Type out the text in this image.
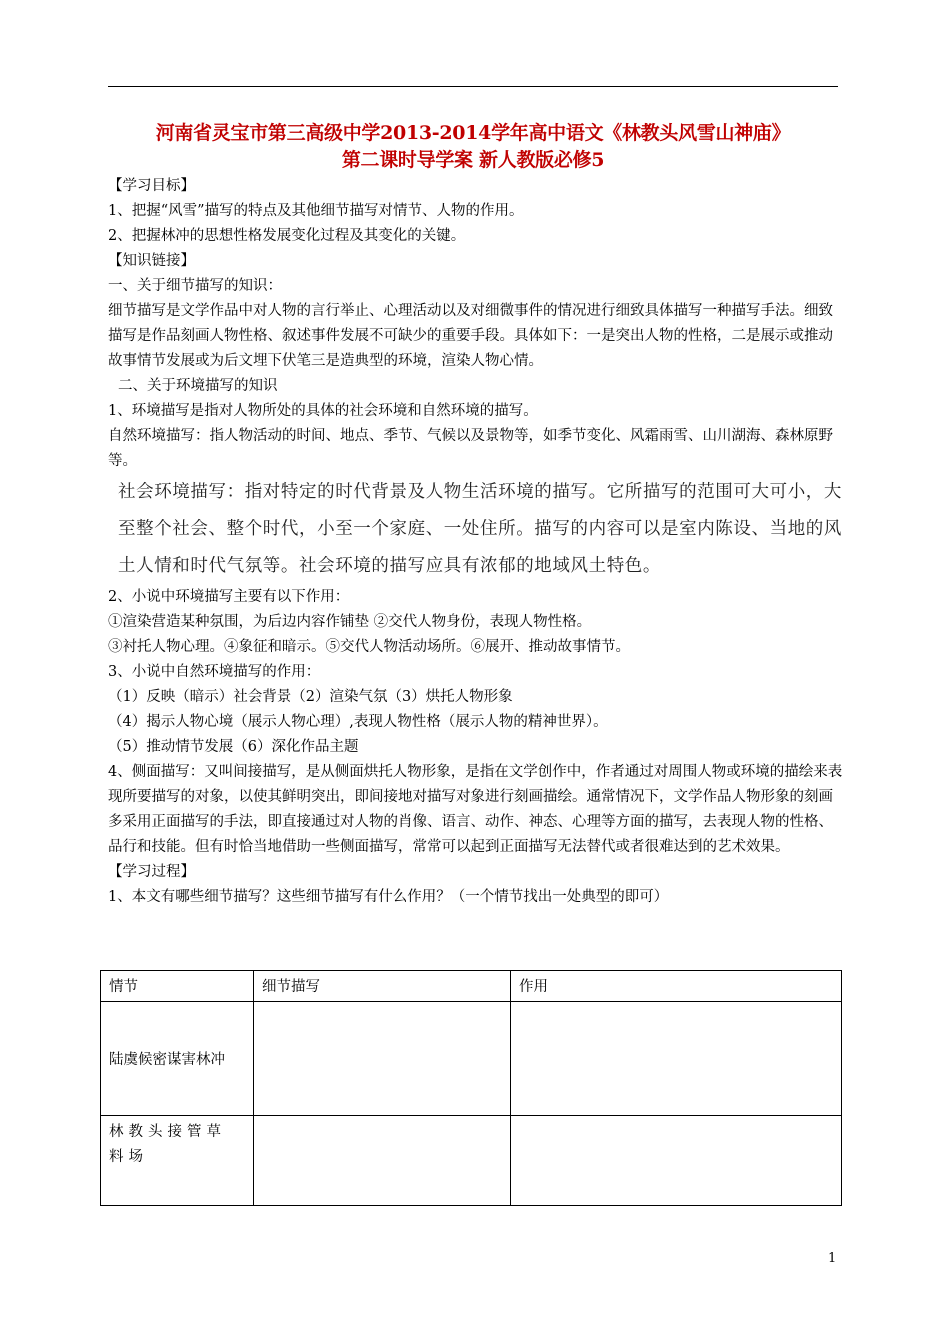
河南省灵宝市第三高级中学2013-2014学年高中语文《林教头风雪山神庙》
第二课时导学案 新人教版必修5

【学习目标】

1、把握“风雪”描写的特点及其他细节描写对情节、人物的作用。

2、把握林冲的思想性格发展变化过程及其变化的关键。

【知识链接】

一、关于细节描写的知识：

细节描写是文学作品中对人物的言行举止、心理活动以及对细微事件的情况进行细致具体描写一种描写手法。细致描写是作品刻画人物性格、叙述事件发展不可缺少的重要手段。具体如下：一是突出人物的性格，二是展示或推动故事情节发展或为后文埋下伏笔三是造典型的环境，渲染人物心情。

二、关于环境描写的知识

1、环境描写是指对人物所处的具体的社会环境和自然环境的描写。

自然环境描写：指人物活动的时间、地点、季节、气候以及景物等，如季节变化、风霜雨雪、山川湖海、森林原野等。

社会环境描写：指对特定的时代背景及人物生活环境的描写。它所描写的范围可大可小，大至整个社会、整个时代，小至一个家庭、一处住所。描写的内容可以是室内陈设、当地的风土人情和时代气氛等。社会环境的描写应具有浓郁的地域风土特色。

2、小说中环境描写主要有以下作用：

①渲染营造某种氛围，为后边内容作铺垫 ②交代人物身份，表现人物性格。

③衬托人物心理。④象征和暗示。⑤交代人物活动场所。⑥展开、推动故事情节。

3、小说中自然环境描写的作用：

（1）反映（暗示）社会背景（2）渲染气氛（3）烘托人物形象

（4）揭示人物心境（展示人物心理）,表现人物性格（展示人物的精神世界）。

（5）推动情节发展（6）深化作品主题

4、侧面描写：又叫间接描写，是从侧面烘托人物形象，是指在文学创作中，作者通过对周围人物或环境的描绘来表现所要描写的对象，以使其鲜明突出，即间接地对描写对象进行刻画描绘。通常情况下，文学作品人物形象的刻画多采用正面描写的手法，即直接通过对人物的肖像、语言、动作、神态、心理等方面的描写，去表现人物的性格、品行和技能。但有时恰当地借助一些侧面描写，常常可以起到正面描写无法替代或者很难达到的艺术效果。

【学习过程】

1、本文有哪些细节描写？这些细节描写有什么作用？（一个情节找出一处典型的即可）

情节	细节描写	作用
陆虞候密谋害林冲		
林教头接管草料场		
1
